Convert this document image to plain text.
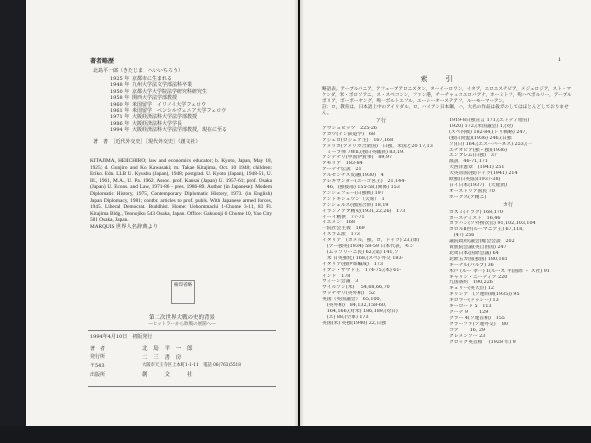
著者略歴
北島平一郎（きたじま　へいいちろう）
1925 年 京都市に生まれる
1948 年 九州大学法文学部法科卒業
1950 年 京都大学大学院法学研究科研究生
1958 年 関西大学法学部教授
1960 年 米国留学　イリノイ大学フェロウ
1961 年 米国留学　ペンシルヴェニア大学フェロウ
1971 年 大阪経済法科大学法学部教授
1986 年 大阪経済法科大学学長
1994 年 大阪経済法科大学法学部教授，現在に至る
著　書　［近代外交史］［現代外交史］（創文社）
KITAJIMA, HEIICHIRO; law and economics educator; b. Kyoto, Japan, May 18, 1925; d. Gunjiro and Ko Kawasaki; m. Takae Kitajima, Oct. 10 1948; children: Eriko. Edn. LLB U. Kyushu (Japan), 1948; postgrad. U. Kyoto (Japan), 1948-51, U. Ill., 1961, M.A., U. Pa. 1962. Assoc. prof. Kansai (Japan) U. 1957-61; prof. Osaka (Japan) U. Econs. and Law, 1971-86 - pres. 1986-89. Author (in Japanese): Modern Diplomatic History, 1975, Contemporary Diplomatic History, 1973. (in English) Japan Diplomacy, 1981; contbr. articles to prof. publs. With Japanese armed forces, 1945. Liberal Democrat. Buddhist. Home: Uehommachi 1-Chome 3-11, 83 Fl. Kitajima Bldg., Tennojiku 543 Osaka, Japan. Office: Gakuonji 6 Chome 10, Yao City 581 Osaka, Japan.
MARQUIS 世界人名辞典より
検印省略
第二次世界大戦の史的背景
―ヒットラーから敗戦の展開へ―
1994年4月10日　初版発行
著　者	北 島 平 一 郎
発行所	二 三 書 房
〒543	大阪市天王寺区上本町1-1-11　電話 06(763)5518
出版所	創　　文　　社
1
索引
略語表。アーブルバニア，アフェーブアロニスタン，ターイーロワン，イタア，エロエスチピア，メジェロジア，スト・マケンダ，米・ポロソアニ，ス・スベコンン，ファン港，チーチャュコユロバアナ，ホーミトフ，殉ハベボルリー，アーブルボリア，ボーボーヤング，殉一ボルトエフル，エーシーオーステアフ，ルーモーマーアン。
註：ロ，教育は，日本語上中のアイリダル，ロ，ハイアン日本鋼，ハ，大名の作品は殺ガのしてはほとんどしておりません。
ア行
アウシュビッツ　225-26
アカワ(イン鉄道学)　68
アジェロ(ロジェア主)　167,168
アメリカ(アメリカ合衆国)　日独，米国と20 17,13
　ミーラ卵 7Wn,(独日英職員) 83,19.
アンテナリ(中国伊賀事)　89,97
アモリア　183-84
アーテナ伝説　21
アルゼンチス皮融(1930)　4
アレキサンダー(ユーゴ宮王)　21,144-
　46，(独接部) 155-58,(関係) 153
アンシュフェー(日独戦) 197
アントキシュワン（欠席）　1
アンシュルス(独国合併) 18,19
イランノアブ精史(1931,22,26)　173
イーイ精供　77-71
イエメン　168
一院社会主義　169
イスラム派　173
イタリア　(カメル，独，ロ，ドイツ) 23,(軍)
　(アー独英(1934) 58-59 日本代表，モン
　(ムッソリーニ民) 62,(第) 141,ソ
　米 日英独化) 168,(スペ) 外交 183-
イタリア(独伊軍編成)　173
イブン・サウド王　174-75,(本) 61-
インド　178
ウィーン会議　3
ウイルソン(米) 　54,68,66,70
ウッチヤリ(英外相)　52
英国（英国議会）　65,100,
　(英外相)　84,132,158-60,
　164,166,(対米) 186,189,(対日)
　(エ) 88,(空軍) 173
英国(米) 英独(1940) 22,日独
1919-8日独宣言 171,(エトディ他宣)
1920) 172,(米国議会) 1,(対)
(スペ内戦) 182-84,(トリ戦略) 247,
(独日同盟)(1936) 246,(日独
ソ)(日) 164,(エスーパーネス) 253,(一
エチオピア(独・独)(1936)
エンブレム(日独)　37
演説　46-71,171
大西洋憲章　(1941) 251
大英帝国(独)ドイツ(1941) 214
欧独(日英協)(1937-38)
日イ日本(1937)　(大経済)
オーストリア国民 70
ホークス(ア精ニ)
カ行
ガズミ(イラク) 168,170
カースディスト　16,46
カラハン(ソ外務次官) 91,102,103,104
カロルⅡ世(ルーマニア王) 67,118,
　(47) 256
議院政府(議会)総会会談　202
貴族院会議(英自由国) 247
北周日本(国際会議) 64
北欧五カ国(独国) 180,181
キーナル(パルプ) 36
木戸 (ルー 孝一) 1(ルーズ 平(国際 ・ ス社) 91
キャリン・ニーディア 220
九国条約　190,226
キュリー(英大臣) 12
ギリシア　(ソ連時期(1935)) 95
ギロラー(ドゥシー) 13
キーロード 5　113
クーデ 9 　　129
グラー 4(ソ連首相)　155
クラーファ(ソ連外交) 　80
ゴア 　　16, 29
クレメンソー 23
クロッグ英首相 　(1928 年) 9
